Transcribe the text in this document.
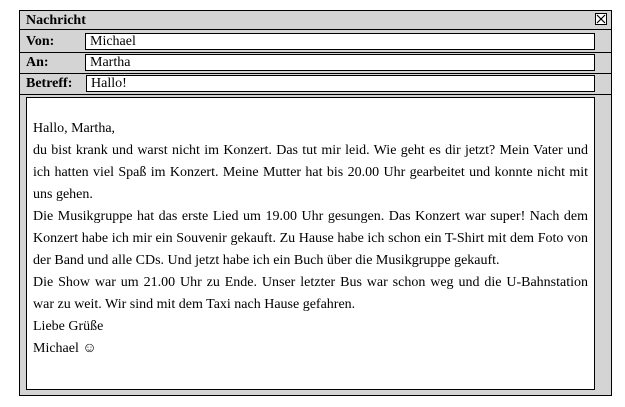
Nachricht
Von:	Michael
An:	Martha
Betreff:	Hallo!

Hallo, Martha,

du bist krank und warst nicht im Konzert. Das tut mir leid. Wie geht es dir jetzt? Mein Vater und ich hatten viel Spaß im Konzert. Meine Mutter hat bis 20.00 Uhr gearbeitet und konnte nicht mit uns gehen.

Die Musikgruppe hat das erste Lied um 19.00 Uhr gesungen. Das Konzert war super! Nach dem Konzert habe ich mir ein Souvenir gekauft. Zu Hause habe ich schon ein T-Shirt mit dem Foto von der Band und alle CDs. Und jetzt habe ich ein Buch über die Musikgruppe gekauft.

Die Show war um 21.00 Uhr zu Ende. Unser letzter Bus war schon weg und die U-Bahnstation war zu weit. Wir sind mit dem Taxi nach Hause gefahren.

Liebe Grüße

Michael ☺
